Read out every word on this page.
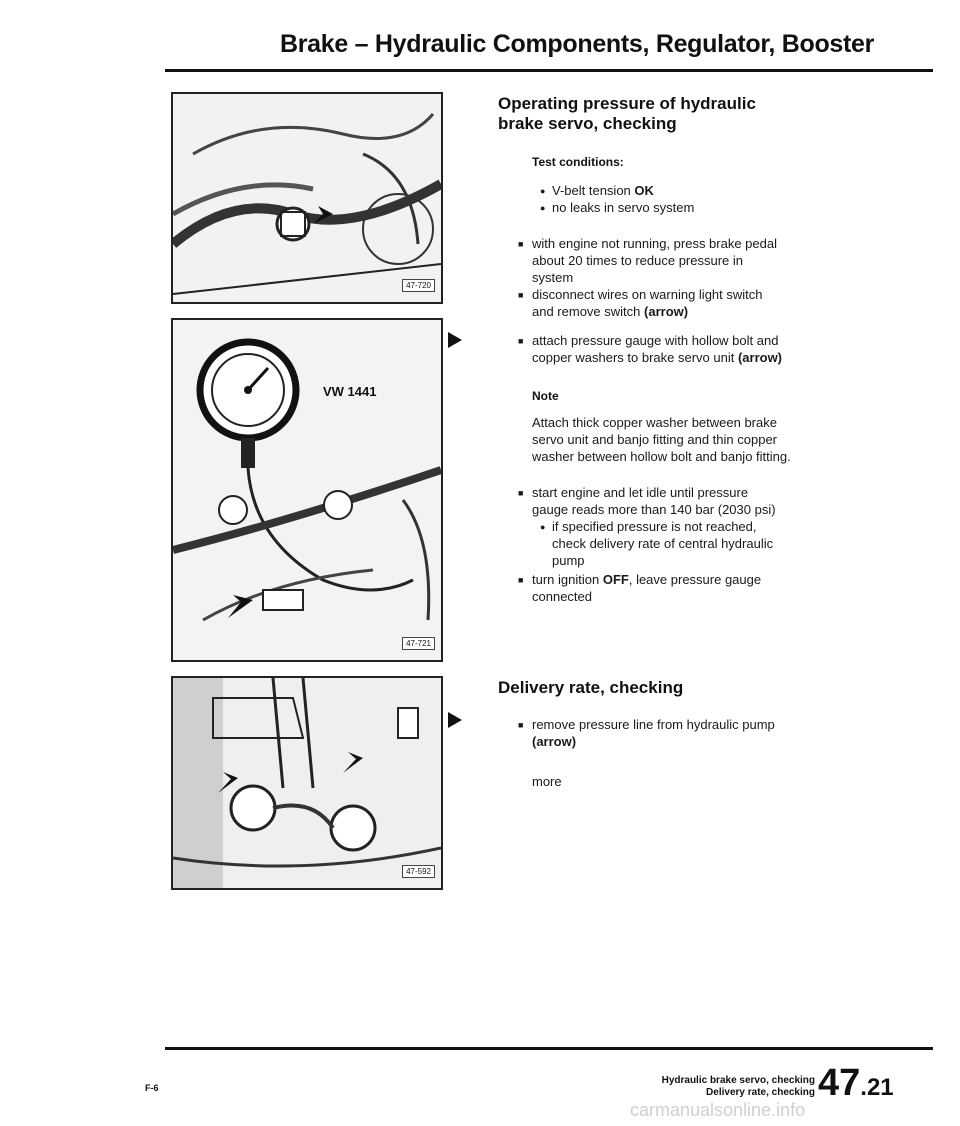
Brake – Hydraulic Components, Regulator, Booster
47-720
VW 1441
47-721
47-592
Operating pressure of hydraulic
brake servo, checking
Test conditions:
● V-belt tension OK
● no leaks in servo system
■ with engine not running, press brake pedal
about 20 times to reduce pressure in
system
■ disconnect wires on warning light switch
and remove switch (arrow)
■ attach pressure gauge with hollow bolt and
copper washers to brake servo unit (arrow)
Note
Attach thick copper washer between brake
servo unit and banjo fitting and thin copper
washer between hollow bolt and banjo fitting.
■ start engine and let idle until pressure
gauge reads more than 140 bar (2030 psi)
● if specified pressure is not reached,
check delivery rate of central hydraulic
pump
■ turn ignition OFF, leave pressure gauge
connected
Delivery rate, checking
■ remove pressure line from hydraulic pump
(arrow)
more
F-6
Hydraulic brake servo, checking
Delivery rate, checking 47.21
carmanualsonline.info
